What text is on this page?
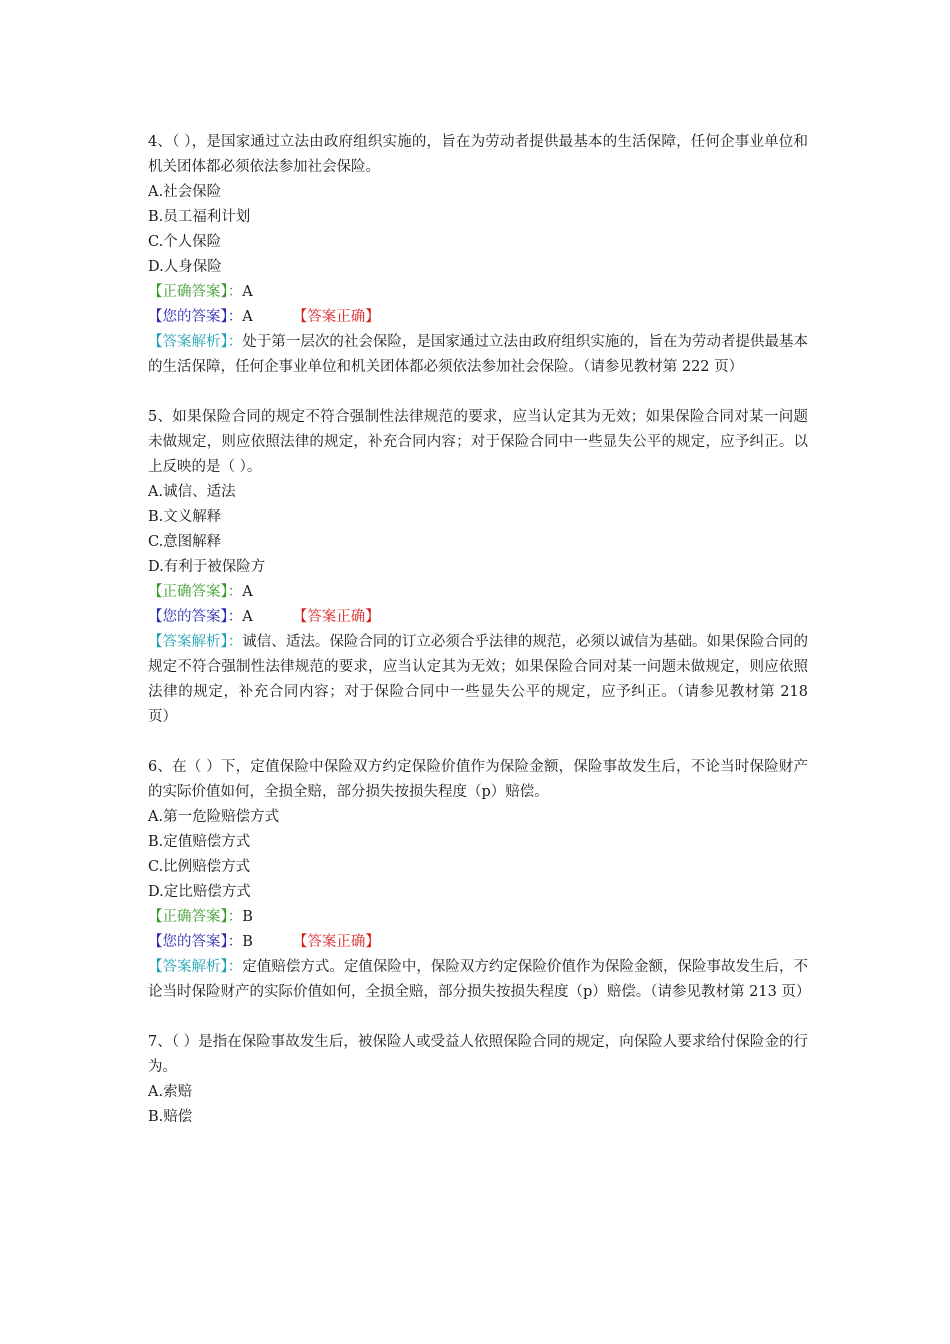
4、（ ），是国家通过立法由政府组织实施的，旨在为劳动者提供最基本的生活保障，任何企事业单位和机关团体都必须依法参加社会保险。
A.社会保险
B.员工福利计划
C.个人保险
D.人身保险
【正确答案】：A
【您的答案】：A	【答案正确】
【答案解析】：处于第一层次的社会保险，是国家通过立法由政府组织实施的，旨在为劳动者提供最基本的生活保障，任何企事业单位和机关团体都必须依法参加社会保险。（请参见教材第 222 页）
5、如果保险合同的规定不符合强制性法律规范的要求，应当认定其为无效；如果保险合同对某一问题未做规定，则应依照法律的规定，补充合同内容；对于保险合同中一些显失公平的规定，应予纠正。以上反映的是（ ）。
A.诚信、适法
B.文义解释
C.意图解释
D.有利于被保险方
【正确答案】：A
【您的答案】：A	【答案正确】
【答案解析】：诚信、适法。保险合同的订立必须合乎法律的规范，必须以诚信为基础。如果保险合同的规定不符合强制性法律规范的要求，应当认定其为无效；如果保险合同对某一问题未做规定，则应依照法律的规定，补充合同内容；对于保险合同中一些显失公平的规定，应予纠正。（请参见教材第 218 页）
6、在（ ）下，定值保险中保险双方约定保险价值作为保险金额，保险事故发生后，不论当时保险财产的实际价值如何，全损全赔，部分损失按损失程度（p）赔偿。
A.第一危险赔偿方式
B.定值赔偿方式
C.比例赔偿方式
D.定比赔偿方式
【正确答案】：B
【您的答案】：B	【答案正确】
【答案解析】：定值赔偿方式。定值保险中，保险双方约定保险价值作为保险金额，保险事故发生后，不论当时保险财产的实际价值如何，全损全赔，部分损失按损失程度（p）赔偿。（请参见教材第 213 页）
7、（ ）是指在保险事故发生后，被保险人或受益人依照保险合同的规定，向保险人要求给付保险金的行为。
A.索赔
B.赔偿
